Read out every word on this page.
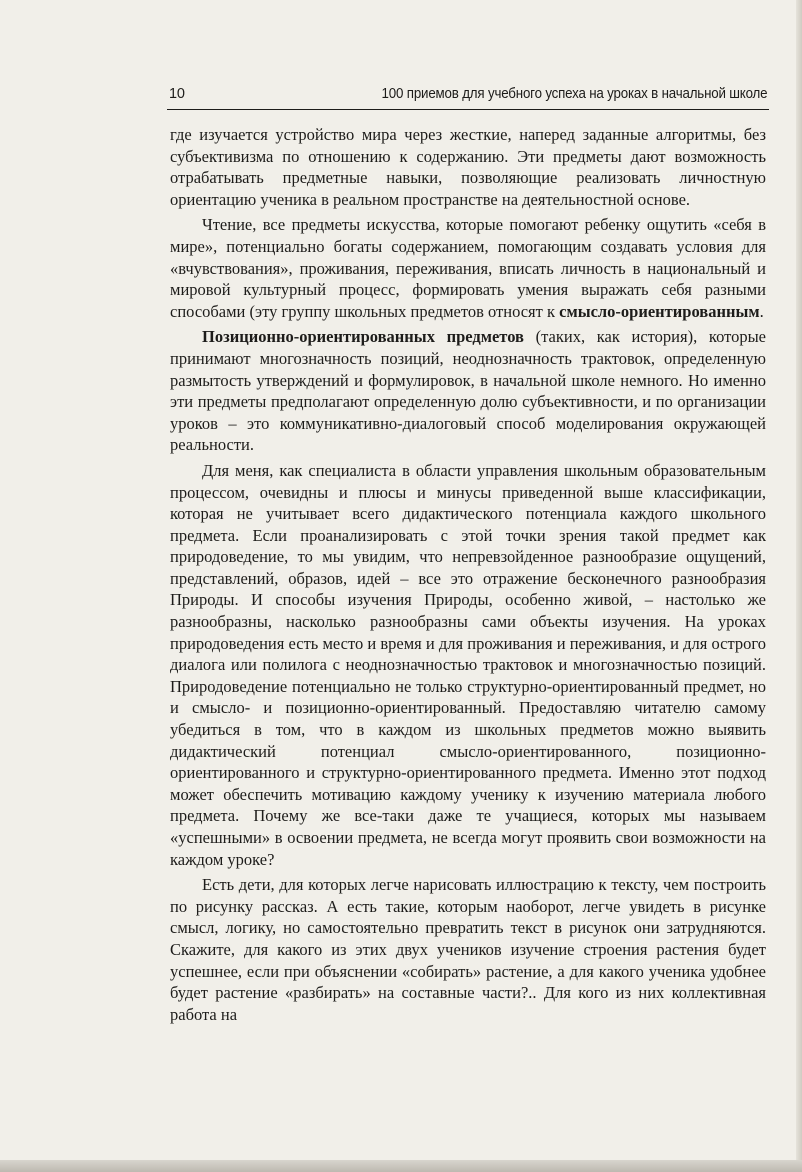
10	100 приемов для учебного успеха на уроках в начальной школе

где изучается устройство мира через жесткие, наперед заданные алгоритмы, без субъективизма по отношению к содержанию. Эти предметы дают возможность отрабатывать предметные навыки, позволяющие реализовать личностную ориентацию ученика в реальном пространстве на деятельностной основе.

Чтение, все предметы искусства, которые помогают ребенку ощутить «себя в мире», потенциально богаты содержанием, помогающим создавать условия для «вчувствования», проживания, переживания, вписать личность в национальный и мировой культурный процесс, формировать умения выражать себя разными способами (эту группу школьных предметов относят к смысло-ориентированным.

Позиционно-ориентированных предметов (таких, как история), которые принимают многозначность позиций, неоднозначность трактовок, определенную размытость утверждений и формулировок, в начальной школе немного. Но именно эти предметы предполагают определенную долю субъективности, и по организации уроков – это коммуникативно-диалоговый способ моделирования окружающей реальности.

Для меня, как специалиста в области управления школьным образовательным процессом, очевидны и плюсы и минусы приведенной выше классификации, которая не учитывает всего дидактического потенциала каждого школьного предмета. Если проанализировать с этой точки зрения такой предмет как природоведение, то мы увидим, что непревзойденное разнообразие ощущений, представлений, образов, идей – все это отражение бесконечного разнообразия Природы. И способы изучения Природы, особенно живой, – настолько же разнообразны, насколько разнообразны сами объекты изучения. На уроках природоведения есть место и время и для проживания и переживания, и для острого диалога или полилога с неоднозначностью трактовок и многозначностью позиций. Природоведение потенциально не только структурно-ориентированный предмет, но и смысло- и позиционно-ориентированный. Предоставляю читателю самому убедиться в том, что в каждом из школьных предметов можно выявить дидактический потенциал смысло-ориентированного, позиционно-ориентированного и структурно-ориентированного предмета. Именно этот подход может обеспечить мотивацию каждому ученику к изучению материала любого предмета. Почему же все-таки даже те учащиеся, которых мы называем «успешными» в освоении предмета, не всегда могут проявить свои возможности на каждом уроке?

Есть дети, для которых легче нарисовать иллюстрацию к тексту, чем построить по рисунку рассказ. А есть такие, которым наоборот, легче увидеть в рисунке смысл, логику, но самостоятельно превратить текст в рисунок они затрудняются. Скажите, для какого из этих двух учеников изучение строения растения будет успешнее, если при объяснении «собирать» растение, а для какого ученика удобнее будет растение «разбирать» на составные части?.. Для кого из них коллективная работа на
